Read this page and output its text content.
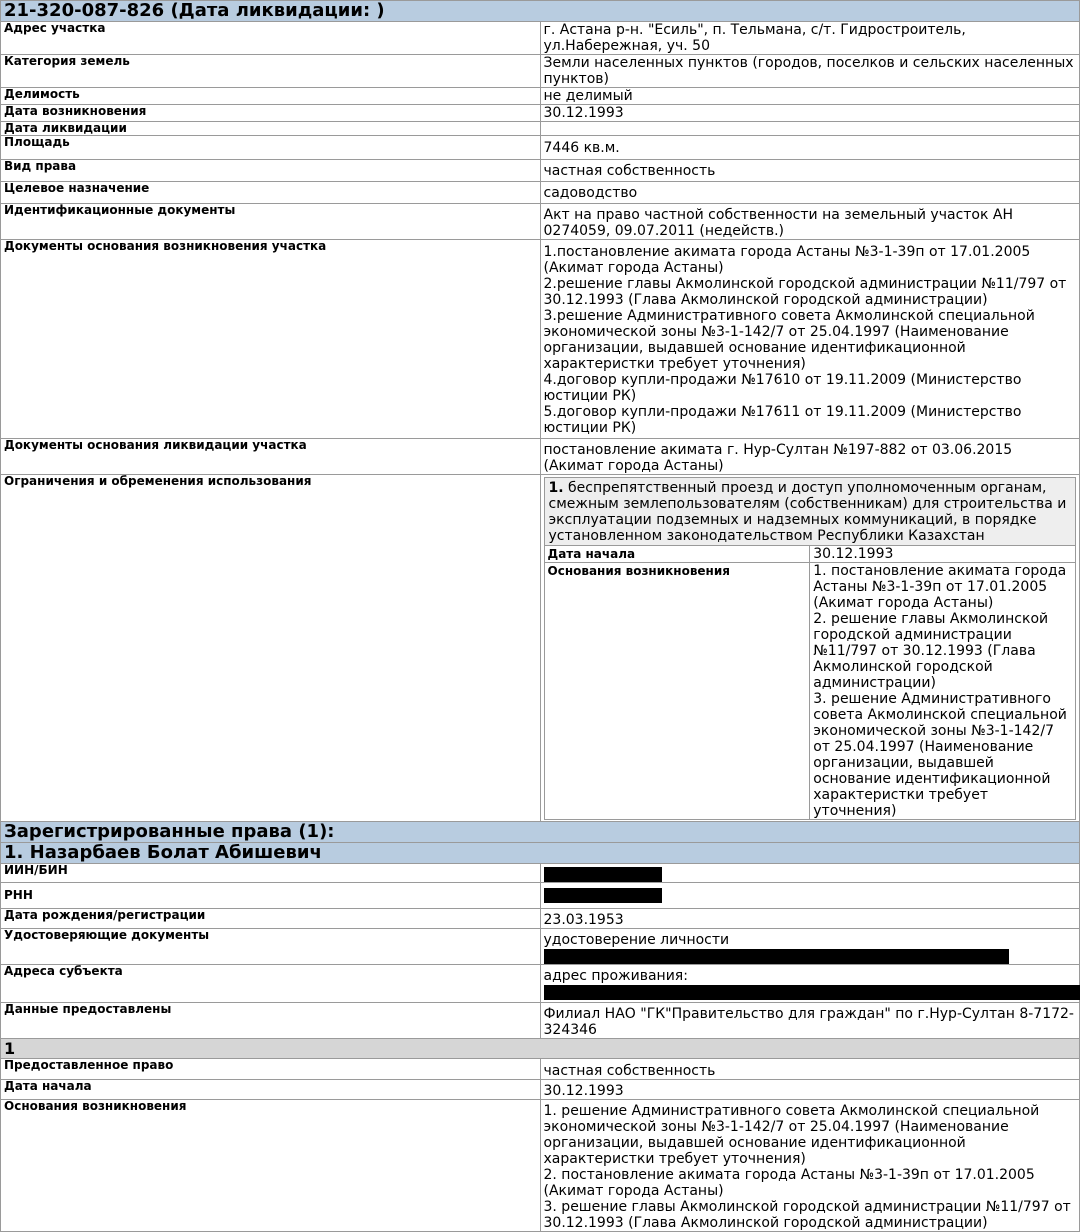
21-320-087-826 (Дата ликвидации: )
Адрес участка	г. Астана р-н. "Есиль", п. Тельмана, с/т. Гидростроитель, ул.Набережная, уч. 50
Категория земель	Земли населенных пунктов (городов, поселков и сельских населенных пунктов)
Делимость	не делимый
Дата возникновения	30.12.1993
Дата ликвидации	
Площадь	7446 кв.м.
Вид права	частная собственность
Целевое назначение	садоводство
Идентификационные документы	Акт на право частной собственности на земельный участок АН 0274059, 09.07.2011 (недейств.)
Документы основания возникновения участка	1.постановление акимата города Астаны №3-1-39п от 17.01.2005 (Акимат города Астаны)
2.решение главы Акмолинской городской администрации №11/797 от 30.12.1993 (Глава Акмолинской городской администрации)
3.решение Административного совета Акмолинской специальной экономической зоны №3-1-142/7 от 25.04.1997 (Наименование организации, выдавшей основание идентификационной характеристки требует уточнения)
4.договор купли-продажи №17610 от 19.11.2009 (Министерство юстиции РК)
5.договор купли-продажи №17611 от 19.11.2009 (Министерство юстиции РК)

Документы основания ликвидации участка	постановление акимата г. Нур-Султан №197-882 от 03.06.2015 (Акимат города Астаны)
Ограничения и обременения использования		1. беспрепятственный проезд и доступ уполномоченным органам, смежным землепользователям (собственникам) для строительства и эксплуатации подземных и надземных коммуникаций, в порядке установленном законодательством Республики Казахстан
Дата начала	30.12.1993
Основания возникновения	1. постановление акимата города Астаны №3-1-39п от 17.01.2005 (Акимат города Астаны)
2. решение главы Акмолинской городской администрации №11/797 от 30.12.1993 (Глава Акмолинской городской администрации)
3. решение Административного совета Акмолинской специальной экономической зоны №3-1-142/7 от 25.04.1997 (Наименование организации, выдавшей основание идентификационной характеристки требует уточнения)

Зарегистрированные права (1):
1. Назарбаев Болат Абишевич
ИИН/БИН	
РНН	
Дата рождения/регистрации	23.03.1953
Удостоверяющие документы	удостоверение личности
Адреса субъекта	адрес проживания:
Данные предоставлены	Филиал НАО "ГК"Правительство для граждан" по г.Нур-Султан 8-7172-324346
1
Предоставленное право	частная собственность
Дата начала	30.12.1993
Основания возникновения	1. решение Административного совета Акмолинской специальной экономической зоны №3-1-142/7 от 25.04.1997 (Наименование организации, выдавшей основание идентификационной характеристки требует уточнения)
2. постановление акимата города Астаны №3-1-39п от 17.01.2005 (Акимат города Астаны)
3. решение главы Акмолинской городской администрации №11/797 от 30.12.1993 (Глава Акмолинской городской администрации)
